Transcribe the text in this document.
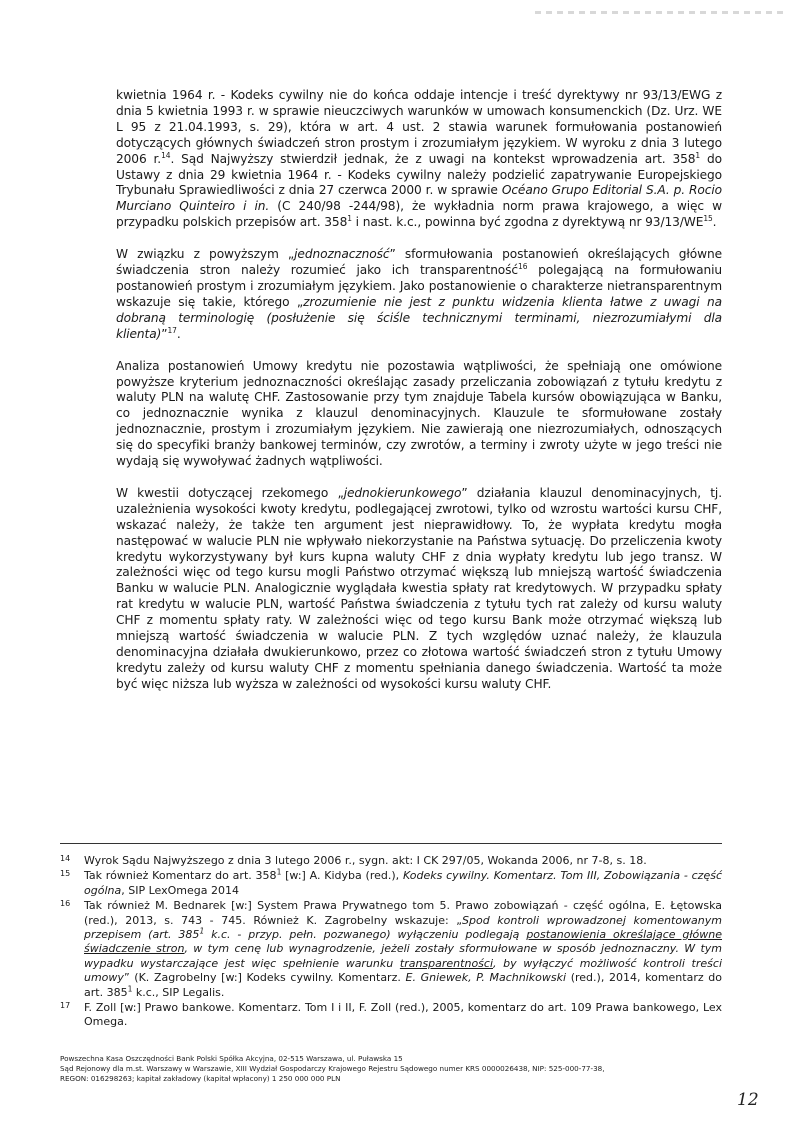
kwietnia 1964 r. - Kodeks cywilny nie do końca oddaje intencje i treść dyrektywy nr 93/13/EWG z dnia 5 kwietnia 1993 r. w sprawie nieuczciwych warunków w umowach konsumenckich (Dz. Urz. WE L 95 z 21.04.1993, s. 29), która w art. 4 ust. 2 stawia warunek formułowania postanowień dotyczących głównych świadczeń stron prostym i zrozumiałym językiem. W wyroku z dnia 3 lutego 2006 r.$^{14}$. Sąd Najwyższy stwierdził jednak, że z uwagi na kontekst wprowadzenia art. $358^1$ do Ustawy z dnia 29 kwietnia 1964 r. - Kodeks cywilny należy podzielić zapatrywanie Europejskiego Trybunału Sprawiedliwości z dnia 27 czerwca 2000 r. w sprawie Océano Grupo Editorial S.A. p. Rocio Murciano Quinteiro i in. (C 240/98 -244/98), że wykładnia norm prawa krajowego, a więc w przypadku polskich przepisów art. $358^1$ i nast. k.c., powinna być zgodna z dyrektywą nr 93/13/WE$^{15}$.

W związku z powyższym „jednoznaczność” sformułowania postanowień określających główne świadczenia stron należy rozumieć jako ich transparentność$^{16}$ polegającą na formułowaniu postanowień prostym i zrozumiałym językiem. Jako postanowienie o charakterze nietransparentnym wskazuje się takie, którego „zrozumienie nie jest z punktu widzenia klienta łatwe z uwagi na dobraną terminologię (posłużenie się ściśle technicznymi terminami, niezrozumiałymi dla klienta)”$^{17}$.

Analiza postanowień Umowy kredytu nie pozostawia wątpliwości, że spełniają one omówione powyższe kryterium jednoznaczności określając zasady przeliczania zobowiązań z tytułu kredytu z waluty PLN na walutę CHF. Zastosowanie przy tym znajduje Tabela kursów obowiązująca w Banku, co jednoznacznie wynika z klauzul denominacyjnych. Klauzule te sformułowane zostały jednoznacznie, prostym i zrozumiałym językiem. Nie zawierają one niezrozumiałych, odnoszących się do specyfiki branży bankowej terminów, czy zwrotów, a terminy i zwroty użyte w jego treści nie wydają się wywoływać żadnych wątpliwości.

W kwestii dotyczącej rzekomego „jednokierunkowego” działania klauzul denominacyjnych, tj. uzależnienia wysokości kwoty kredytu, podlegającej zwrotowi, tylko od wzrostu wartości kursu CHF, wskazać należy, że także ten argument jest nieprawidłowy. To, że wypłata kredytu mogła następować w walucie PLN nie wpływało niekorzystanie na Państwa sytuację. Do przeliczenia kwoty kredytu wykorzystywany był kurs kupna waluty CHF z dnia wypłaty kredytu lub jego transz. W zależności więc od tego kursu mogli Państwo otrzymać większą lub mniejszą wartość świadczenia Banku w walucie PLN. Analogicznie wyglądała kwestia spłaty rat kredytowych. W przypadku spłaty rat kredytu w walucie PLN, wartość Państwa świadczenia z tytułu tych rat zależy od kursu waluty CHF z momentu spłaty raty. W zależności więc od tego kursu Bank może otrzymać większą lub mniejszą wartość świadczenia w walucie PLN. Z tych względów uznać należy, że klauzula denominacyjna działała dwukierunkowo, przez co złotowa wartość świadczeń stron z tytułu Umowy kredytu zależy od kursu waluty CHF z momentu spełniania danego świadczenia. Wartość ta może być więc niższa lub wyższa w zależności od wysokości kursu waluty CHF.

14	Wyrok Sądu Najwyższego z dnia 3 lutego 2006 r., sygn. akt: I CK 297/05, Wokanda 2006, nr 7-8, s. 18.
15	Tak również Komentarz do art. $358^1$ [w:] A. Kidyba (red.), Kodeks cywilny. Komentarz. Tom III, Zobowiązania - część ogólna, SIP LexOmega 2014
16	Tak również M. Bednarek [w:] System Prawa Prywatnego tom 5. Prawo zobowiązań - część ogólna, E. Łętowska (red.), 2013, s. 743 - 745. Również K. Zagrobelny wskazuje: „Spod kontroli wprowadzonej komentowanym przepisem (art. $385^1$ k.c. - przyp. pełn. pozwanego) wyłączeniu podlegają postanowienia określające główne świadczenie stron, w tym cenę lub wynagrodzenie, jeżeli zostały sformułowane w sposób jednoznaczny. W tym wypadku wystarczające jest więc spełnienie warunku transparentności, by wyłączyć możliwość kontroli treści umowy” (K. Zagrobelny [w:] Kodeks cywilny. Komentarz. E. Gniewek, P. Machnikowski (red.), 2014, komentarz do art. $385^1$ k.c., SIP Legalis.
17	F. Zoll [w:] Prawo bankowe. Komentarz. Tom I i II, F. Zoll (red.), 2005, komentarz do art. 109 Prawa bankowego, Lex Omega.
Powszechna Kasa Oszczędności Bank Polski Spółka Akcyjna, 02-515 Warszawa, ul. Puławska 15
Sąd Rejonowy dla m.st. Warszawy w Warszawie, XIII Wydział Gospodarczy Krajowego Rejestru Sądowego numer KRS 0000026438, NIP: 525-000-77-38,
REGON: 016298263; kapitał zakładowy (kapitał wpłacony) 1 250 000 000 PLN
12
